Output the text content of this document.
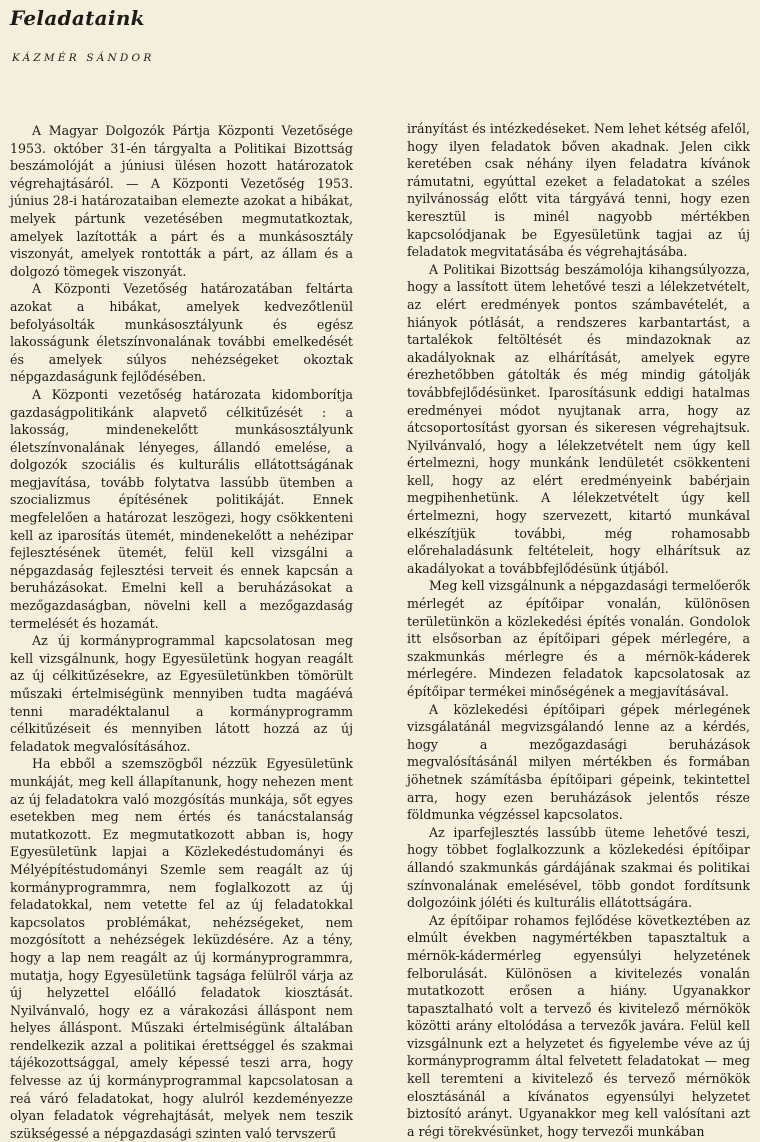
Feladataink
KÁZMÉR SÁNDOR

A Magyar Dolgozók Pártja Központi Vezetősége 1953. október 31-én tárgyalta a Politikai Bizottság beszámolóját a júniusi ülésen hozott határozatok végrehajtásáról. — A Központi Vezetőség 1953. június 28-i határozataiban elemezte azokat a hibákat, melyek pártunk vezetésében megmutatkoztak, amelyek lazították a párt és a munkásosztály viszonyát, amelyek rontották a párt, az állam és a dolgozó tömegek viszonyát.

A Központi Vezetőség határozatában feltárta azokat a hibákat, amelyek kedvezőtlenül befolyásolták munkásosztályunk és egész lakosságunk életszínvonalának további emelkedését és amelyek súlyos nehézségeket okoztak népgazdaságunk fejlődésében.

A Központi vezetőség határozata kidomborítja gazdaságpolitikánk alapvető célkitűzését : a lakosság, mindenekelőtt munkásosztályunk életszínvonalának lényeges, állandó emelése, a dolgozók szociális és kulturális ellátottságának megjavítása, tovább folytatva lassúbb ütemben a szocializmus építésének politikáját. Ennek megfelelően a határozat leszögezi, hogy csökkenteni kell az iparosítás ütemét, mindenekelőtt a nehézipar fejlesztésének ütemét, felül kell vizsgálni a népgazdaság fejlesztési terveit és ennek kapcsán a beruházásokat. Emelni kell a beruházásokat a mezőgazdaságban, növelni kell a mezőgazdaság termelését és hozamát.

Az új kormányprogrammal kapcsolatosan meg kell vizsgálnunk, hogy Egyesületünk hogyan reagált az új célkitűzésekre, az Egyesületünkben tömörült műszaki értelmiségünk mennyiben tudta magáévá tenni maradéktalanul a kormányprogramm célkitűzéseit és mennyiben látott hozzá az új feladatok megvalósításához.

Ha ebből a szemszögből nézzük Egyesületünk munkáját, meg kell állapítanunk, hogy nehezen ment az új feladatokra való mozgósítás munkája, sőt egyes esetekben meg nem értés és tanácstalanság mutatkozott. Ez megmutatkozott abban is, hogy Egyesületünk lapjai a Közlekedéstudományi és Mélyépítéstudományi Szemle sem reagált az új kormányprogrammra, nem foglalkozott az új feladatokkal, nem vetette fel az új feladatokkal kapcsolatos problémákat, nehézségeket, nem mozgósított a nehézségek leküzdésére. Az a tény, hogy a lap nem reagált az új kormányprogrammra, mutatja, hogy Egyesületünk tagsága felülről várja az új helyzettel előálló feladatok kiosztását. Nyilvánvaló, hogy ez a várakozási álláspont nem helyes álláspont. Műszaki értelmiségünk általában rendelkezik azzal a politikai érettséggel és szakmai tájékozottsággal, amely képessé teszi arra, hogy felvesse az új kormányprogrammal kapcsolatosan a reá váró feladatokat, hogy alulról kezdeményezze olyan feladatok végrehajtását, melyek nem teszik szükségessé a népgazdasági szinten való tervszerű

irányítást és intézkedéseket. Nem lehet kétség afelől, hogy ilyen feladatok bőven akadnak. Jelen cikk keretében csak néhány ilyen feladatra kívánok rámutatni, egyúttal ezeket a feladatokat a széles nyilvánosság előtt vita tárgyává tenni, hogy ezen keresztül is minél nagyobb mértékben kapcsolódjanak be Egyesületünk tagjai az új feladatok megvitatásába és végrehajtásába.

A Politikai Bizottság beszámolója kihangsúlyozza, hogy a lassított ütem lehetővé teszi a lélekzetvételt, az elért eredmények pontos számbavételét, a hiányok pótlását, a rendszeres karbantartást, a tartalékok feltöltését és mindazoknak az akadályoknak az elhárítását, amelyek egyre érezhetőbben gátolták és még mindig gátolják továbbfejlődésünket. Iparosításunk eddigi hatalmas eredményei módot nyujtanak arra, hogy az átcsoportosítást gyorsan és sikeresen végrehajtsuk. Nyilvánvaló, hogy a lélekzetvételt nem úgy kell értelmezni, hogy munkánk lendületét csökkenteni kell, hogy az elért eredményeink babérjain megpihenhetünk. A lélekzetvételt úgy kell értelmezni, hogy szervezett, kitartó munkával elkészítjük további, még rohamosabb előrehaladásunk feltételeit, hogy elhárítsuk az akadályokat a továbbfejlődésünk útjából.

Meg kell vizsgálnunk a népgazdasági termelőerők mérlegét az építőipar vonalán, különösen területünkön a közlekedési építés vonalán. Gondolok itt elsősorban az építőipari gépek mérlegére, a szakmunkás mérlegre és a mérnök-káderek mérlegére. Mindezen feladatok kapcsolatosak az építőipar termékei minőségének a megjavításával.

A közlekedési építőipari gépek mérlegének vizsgálatánál megvizsgálandó lenne az a kérdés, hogy a mezőgazdasági beruházások megvalósításánál milyen mértékben és formában jöhetnek számításba építőipari gépeink, tekintettel arra, hogy ezen beruházások jelentős része földmunka végzéssel kapcsolatos.

Az iparfejlesztés lassúbb üteme lehetővé teszi, hogy többet foglalkozzunk a közlekedési építőipar állandó szakmunkás gárdájának szakmai és politikai színvonalának emelésével, több gondot fordítsunk dolgozóink jóléti és kulturális ellátottságára.

Az építőipar rohamos fejlődése következtében az elmúlt években nagymértékben tapasztaltuk a mérnök-kádermérleg egyensúlyi helyzetének felborulását. Különösen a kivitelezés vonalán mutatkozott erősen a hiány. Ugyanakkor tapasztalható volt a tervező és kivitelező mérnökök közötti arány eltolódása a tervezők javára. Felül kell vizsgálnunk ezt a helyzetet és figyelembe véve az új kormányprogramm által felvetett feladatokat — meg kell teremteni a kivitelező és tervező mérnökök elosztásánál a kívánatos egyensúlyi helyzetet biztosító arányt. Ugyanakkor meg kell valósítani azt a régi törekvésünket, hogy tervezői munkában
